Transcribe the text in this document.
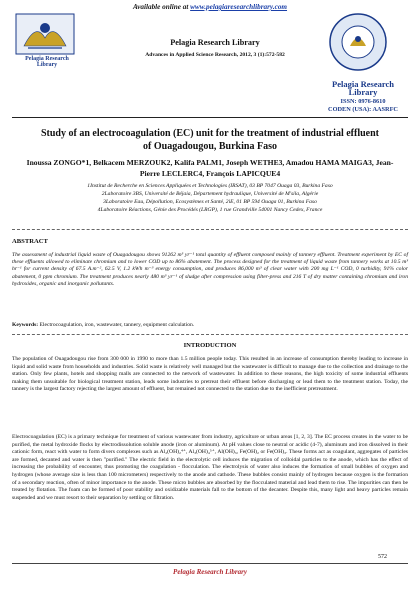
Available online at www.pelagiaresearchlibrary.com
Pelagia Research Library
Pelagia Research Library
Advances in Applied Science Research, 2012, 3 (1):572-582
Pelagia Research Library
ISSN: 0976-8610
CODEN (USA): AASRFC
Study of an electrocoagulation (EC) unit for the treatment of industrial effluent of Ouagadougou, Burkina Faso
Inoussa ZONGO*1, Belkacem MERZOUK2, Kalifa PALM1, Joseph WETHE3, Amadou HAMA MAIGA3, Jean-Pierre LECLERC4, François LAPICQUE4
1Institut de Recherche en Sciences Appliquées et Technologies (IRSAT), 03 BP 7047 Ouaga 03, Burkina Faso
2Laboratoire 3BS, Université de Béjaia, Département hydraulique, Université de M'sila, Algérie
3Laboratoire Eau, Dépollution, Ecosystèmes et Santé, 2iE, 01 BP 594 Ouaga 01, Burkina Faso
4Laboratoire Réactions, Génie des Procédés (LRGP), 1 rue Grandville 54001 Nancy Cedex, France
ABSTRACT
The assessment of industrial liquid waste of Ouagadougou shows 91262 m³ yr⁻¹ total quantity of effluent composed mainly of tannery effluent. Treatment experiment by EC of these effluents allowed to eliminate chromium and to lower COD up to 86% abatement. The process designed for the treatment of liquid waste from tannery works at 10.5 m³ hr⁻¹ for current density of 67.5 A.m⁻², 62.5 V, 1.2 kWh m⁻³ energy consumption, and produces 86,000 m³ of clear water with 200 mg L⁻¹ COD, 0 turbidity, 91% color abatement, 0 ppm chromium. The treatment produces nearly 480 m³ yr⁻¹ of sludge after compression using filter-press and 216 T of dry matter containing chromium and iron hydroxides, organic and inorganic pollutants.
Keywords: Electrocoagulation, iron, wastewater, tannery, equipment calculation.
INTRODUCTION
The population of Ouagadougou rise from 300 000 in 1990 to more than 1.5 million people today. This resulted in an increase of consumption thereby leading to increase in liquid and solid waste from households and industries. Solid waste is relatively well managed but the wastewater is difficult to manage due to the collection and drainage to the station. Only few plants, hotels and shopping malls are connected to the network of wastewater. In addition to these reasons, the high toxicity of some industrial effluents making them unsuitable for biological treatment station, leads some industries to pretreat their effluent before discharging or lead them to the treatment station. Today, the tannery is the largest factory rejecting the largest amount of effluent, but remained not connected to the station due to the inefficient pretreatment.
Electrocoagulation (EC) is a primary technique for treatment of various wastewater from industry, agriculture or urban areas [1, 2, 3]. The EC process creates in the water to be purified, the metal hydroxide flocks by electrodissolution soluble anode (iron or aluminum). At pH values close to neutral or acidic (4-7), aluminum and iron dissolved in their cationic form, react with water to form divers complexes such as Al₂(OH)₂⁴⁺, Al₃(OH)₄⁵⁺, Al(OH)₃, Fe(OH)₂ or Fe(OH)₃. These forms act as coagulant, aggregates of particles are formed, decanted and water is then "purified." The electric field in the electrolytic cell induces the migration of colloidal particles to the anode, which has the effect of increasing the probability of encounter, thus promoting the coagulation - flocculation. The electrolysis of water also induces the formation of small bubbles of oxygen and hydrogen (whose average size is less than 100 micrometers) respectively to the anode and cathode. These bubbles consist mainly of hydrogen because oxygen is the formation of a secondary reaction, often of minor importance to the anode. These micro bubbles are absorbed by the flocculated material and lead them to rise. The impurities can then be treated by flotation. The foam can be formed of poor stability and oxidizable materials fall to the bottom of the decanter. Despite this, many light and heavy particles remain suspended and we must resort to their separation by settling or filtration.
572
Pelagia Research Library
